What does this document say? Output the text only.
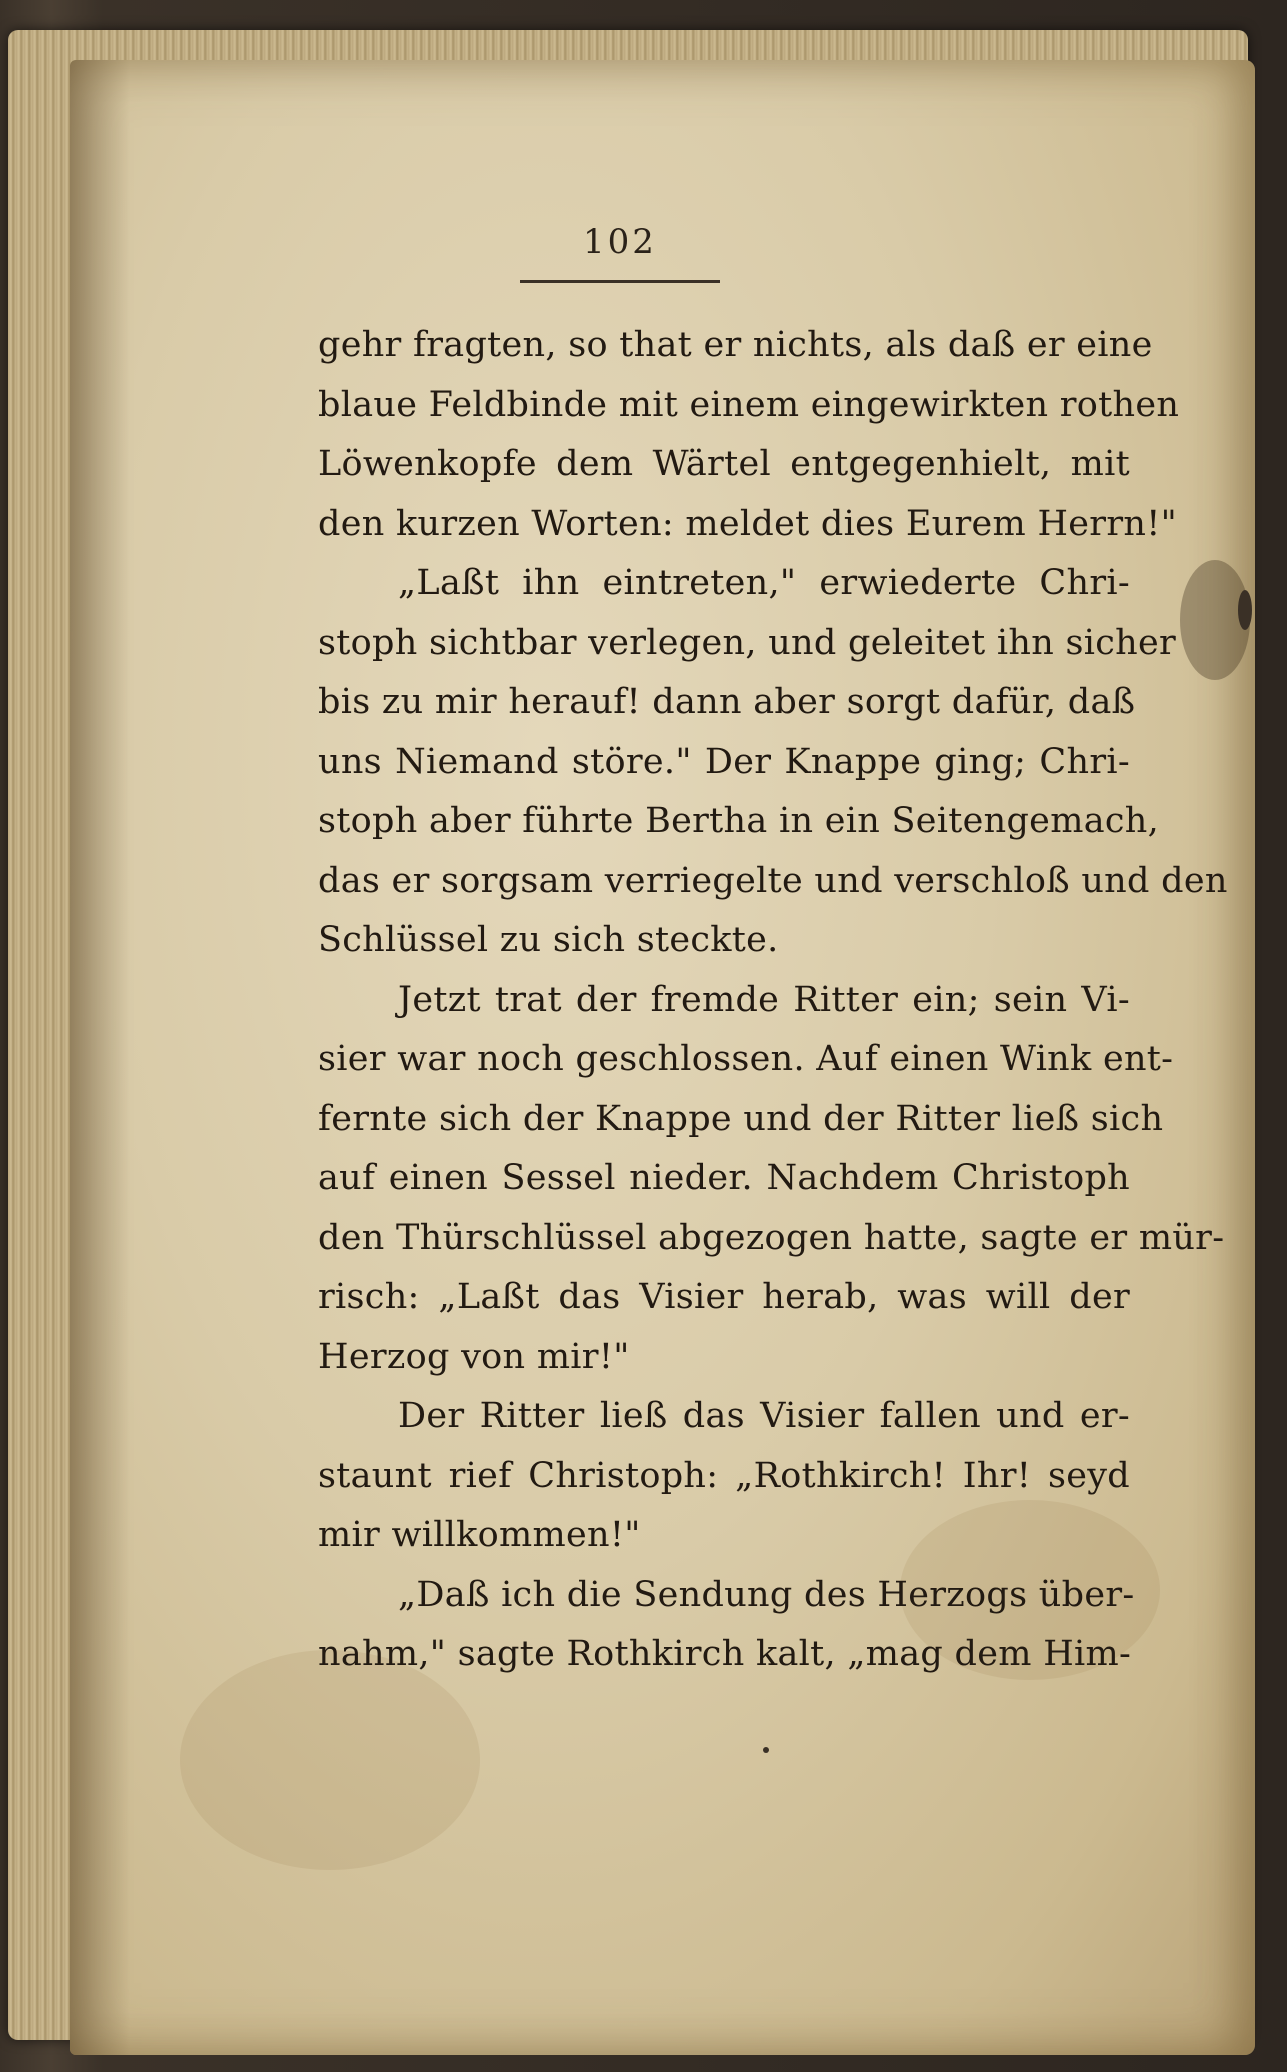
102
gehr fragten, so that er nichts, als daß er eine
blaue Feldbinde mit einem eingewirkten rothen
Löwenkopfe dem Wärtel entgegenhielt, mit
den kurzen Worten: meldet dies Eurem Herrn!"
„Laßt ihn eintreten," erwiederte Chri-
stoph sichtbar verlegen, und geleitet ihn sicher
bis zu mir herauf! dann aber sorgt dafür, daß
uns Niemand störe." Der Knappe ging; Chri-
stoph aber führte Bertha in ein Seitengemach,
das er sorgsam verriegelte und verschloß und den
Schlüssel zu sich steckte.
Jetzt trat der fremde Ritter ein; sein Vi-
sier war noch geschlossen. Auf einen Wink ent-
fernte sich der Knappe und der Ritter ließ sich
auf einen Sessel nieder. Nachdem Christoph
den Thürschlüssel abgezogen hatte, sagte er mür-
risch: „Laßt das Visier herab, was will der
Herzog von mir!"
Der Ritter ließ das Visier fallen und er-
staunt rief Christoph: „Rothkirch! Ihr! seyd
mir willkommen!"
„Daß ich die Sendung des Herzogs über-
nahm," sagte Rothkirch kalt, „mag dem Him-
